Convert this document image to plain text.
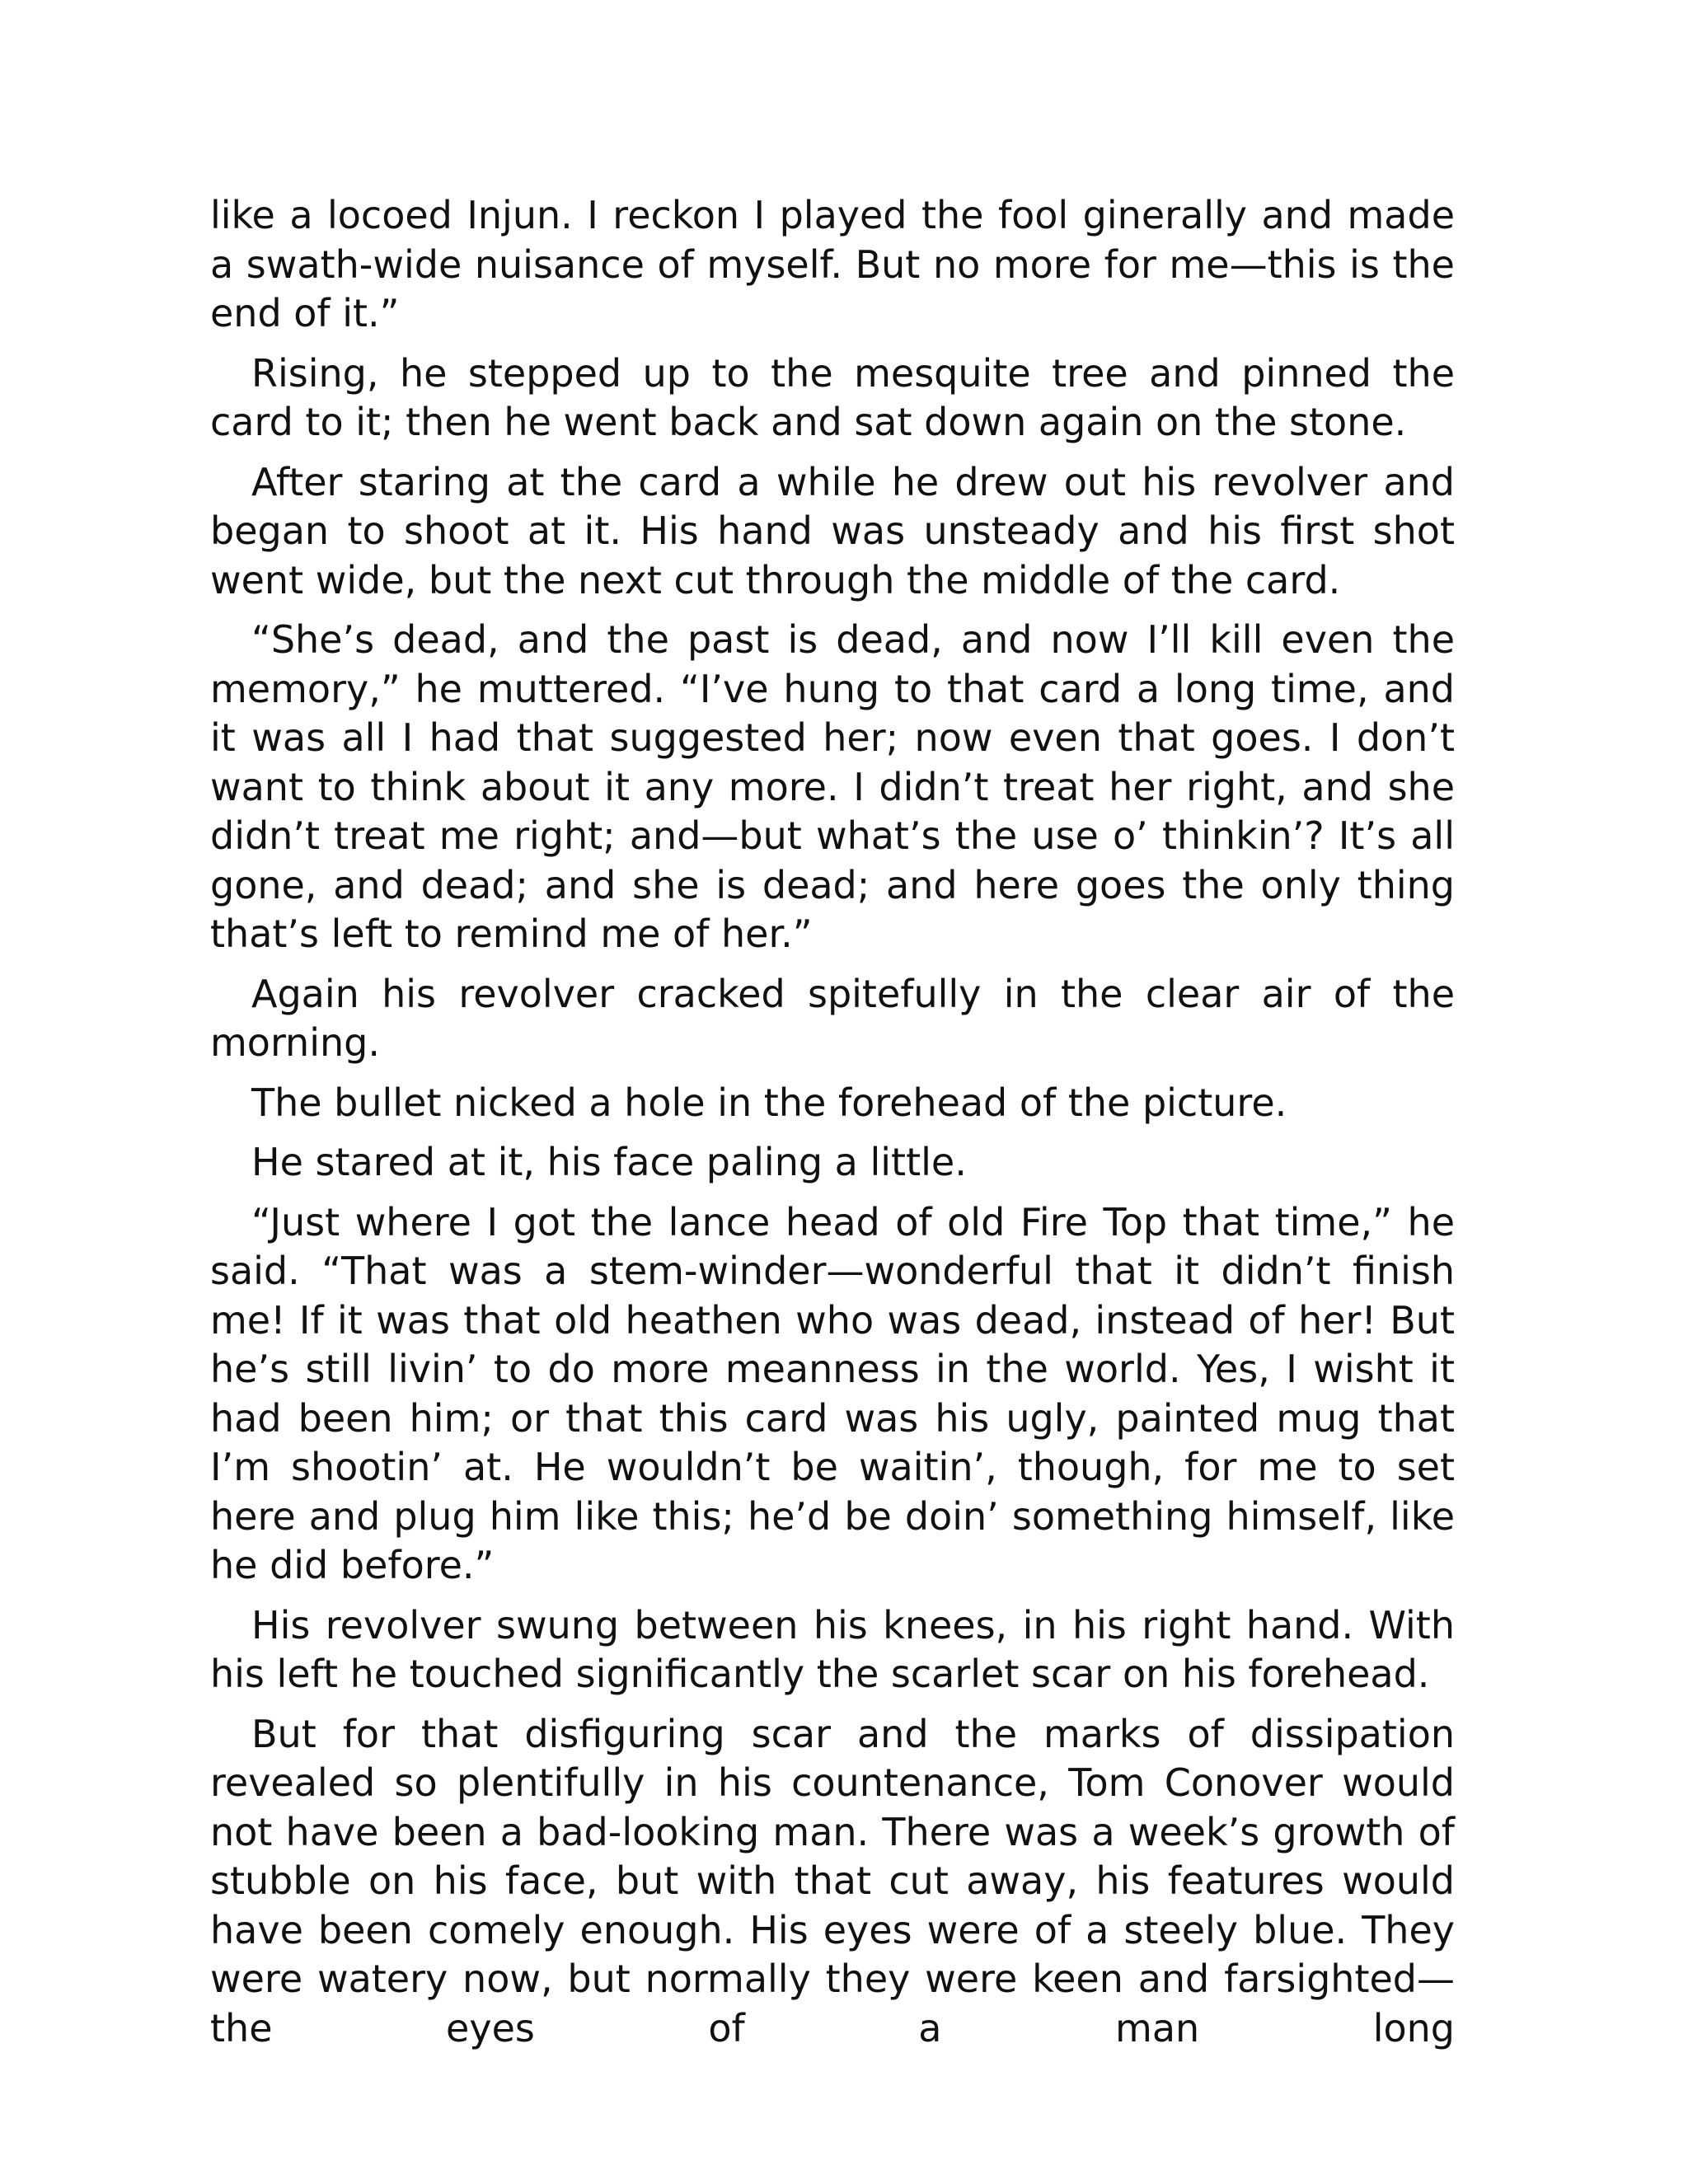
like a locoed Injun. I reckon I played the fool ginerally and made a swath-wide nuisance of myself. But no more for me—this is the end of it.”

Rising, he stepped up to the mesquite tree and pinned the card to it; then he went back and sat down again on the stone.

After staring at the card a while he drew out his revolver and began to shoot at it. His hand was unsteady and his first shot went wide, but the next cut through the middle of the card.

“She’s dead, and the past is dead, and now I’ll kill even the memory,” he muttered. “I’ve hung to that card a long time, and it was all I had that suggested her; now even that goes. I don’t want to think about it any more. I didn’t treat her right, and she didn’t treat me right; and—but what’s the use o’ thinkin’? It’s all gone, and dead; and she is dead; and here goes the only thing that’s left to remind me of her.”

Again his revolver cracked spitefully in the clear air of the morning.

The bullet nicked a hole in the forehead of the picture.

He stared at it, his face paling a little.

“Just where I got the lance head of old Fire Top that time,” he said. “That was a stem-winder—wonderful that it didn’t finish me! If it was that old heathen who was dead, instead of her! But he’s still livin’ to do more meanness in the world. Yes, I wisht it had been him; or that this card was his ugly, painted mug that I’m shootin’ at. He wouldn’t be waitin’, though, for me to set here and plug him like this; he’d be doin’ something himself, like he did before.”

His revolver swung between his knees, in his right hand. With his left he touched significantly the scarlet scar on his forehead.

But for that disfiguring scar and the marks of dissipation revealed so plentifully in his countenance, Tom Conover would not have been a bad-looking man. There was a week’s growth of stubble on his face, but with that cut away, his features would have been comely enough. His eyes were of a steely blue. They were watery now, but normally they were keen and farsighted—the eyes of a man long
